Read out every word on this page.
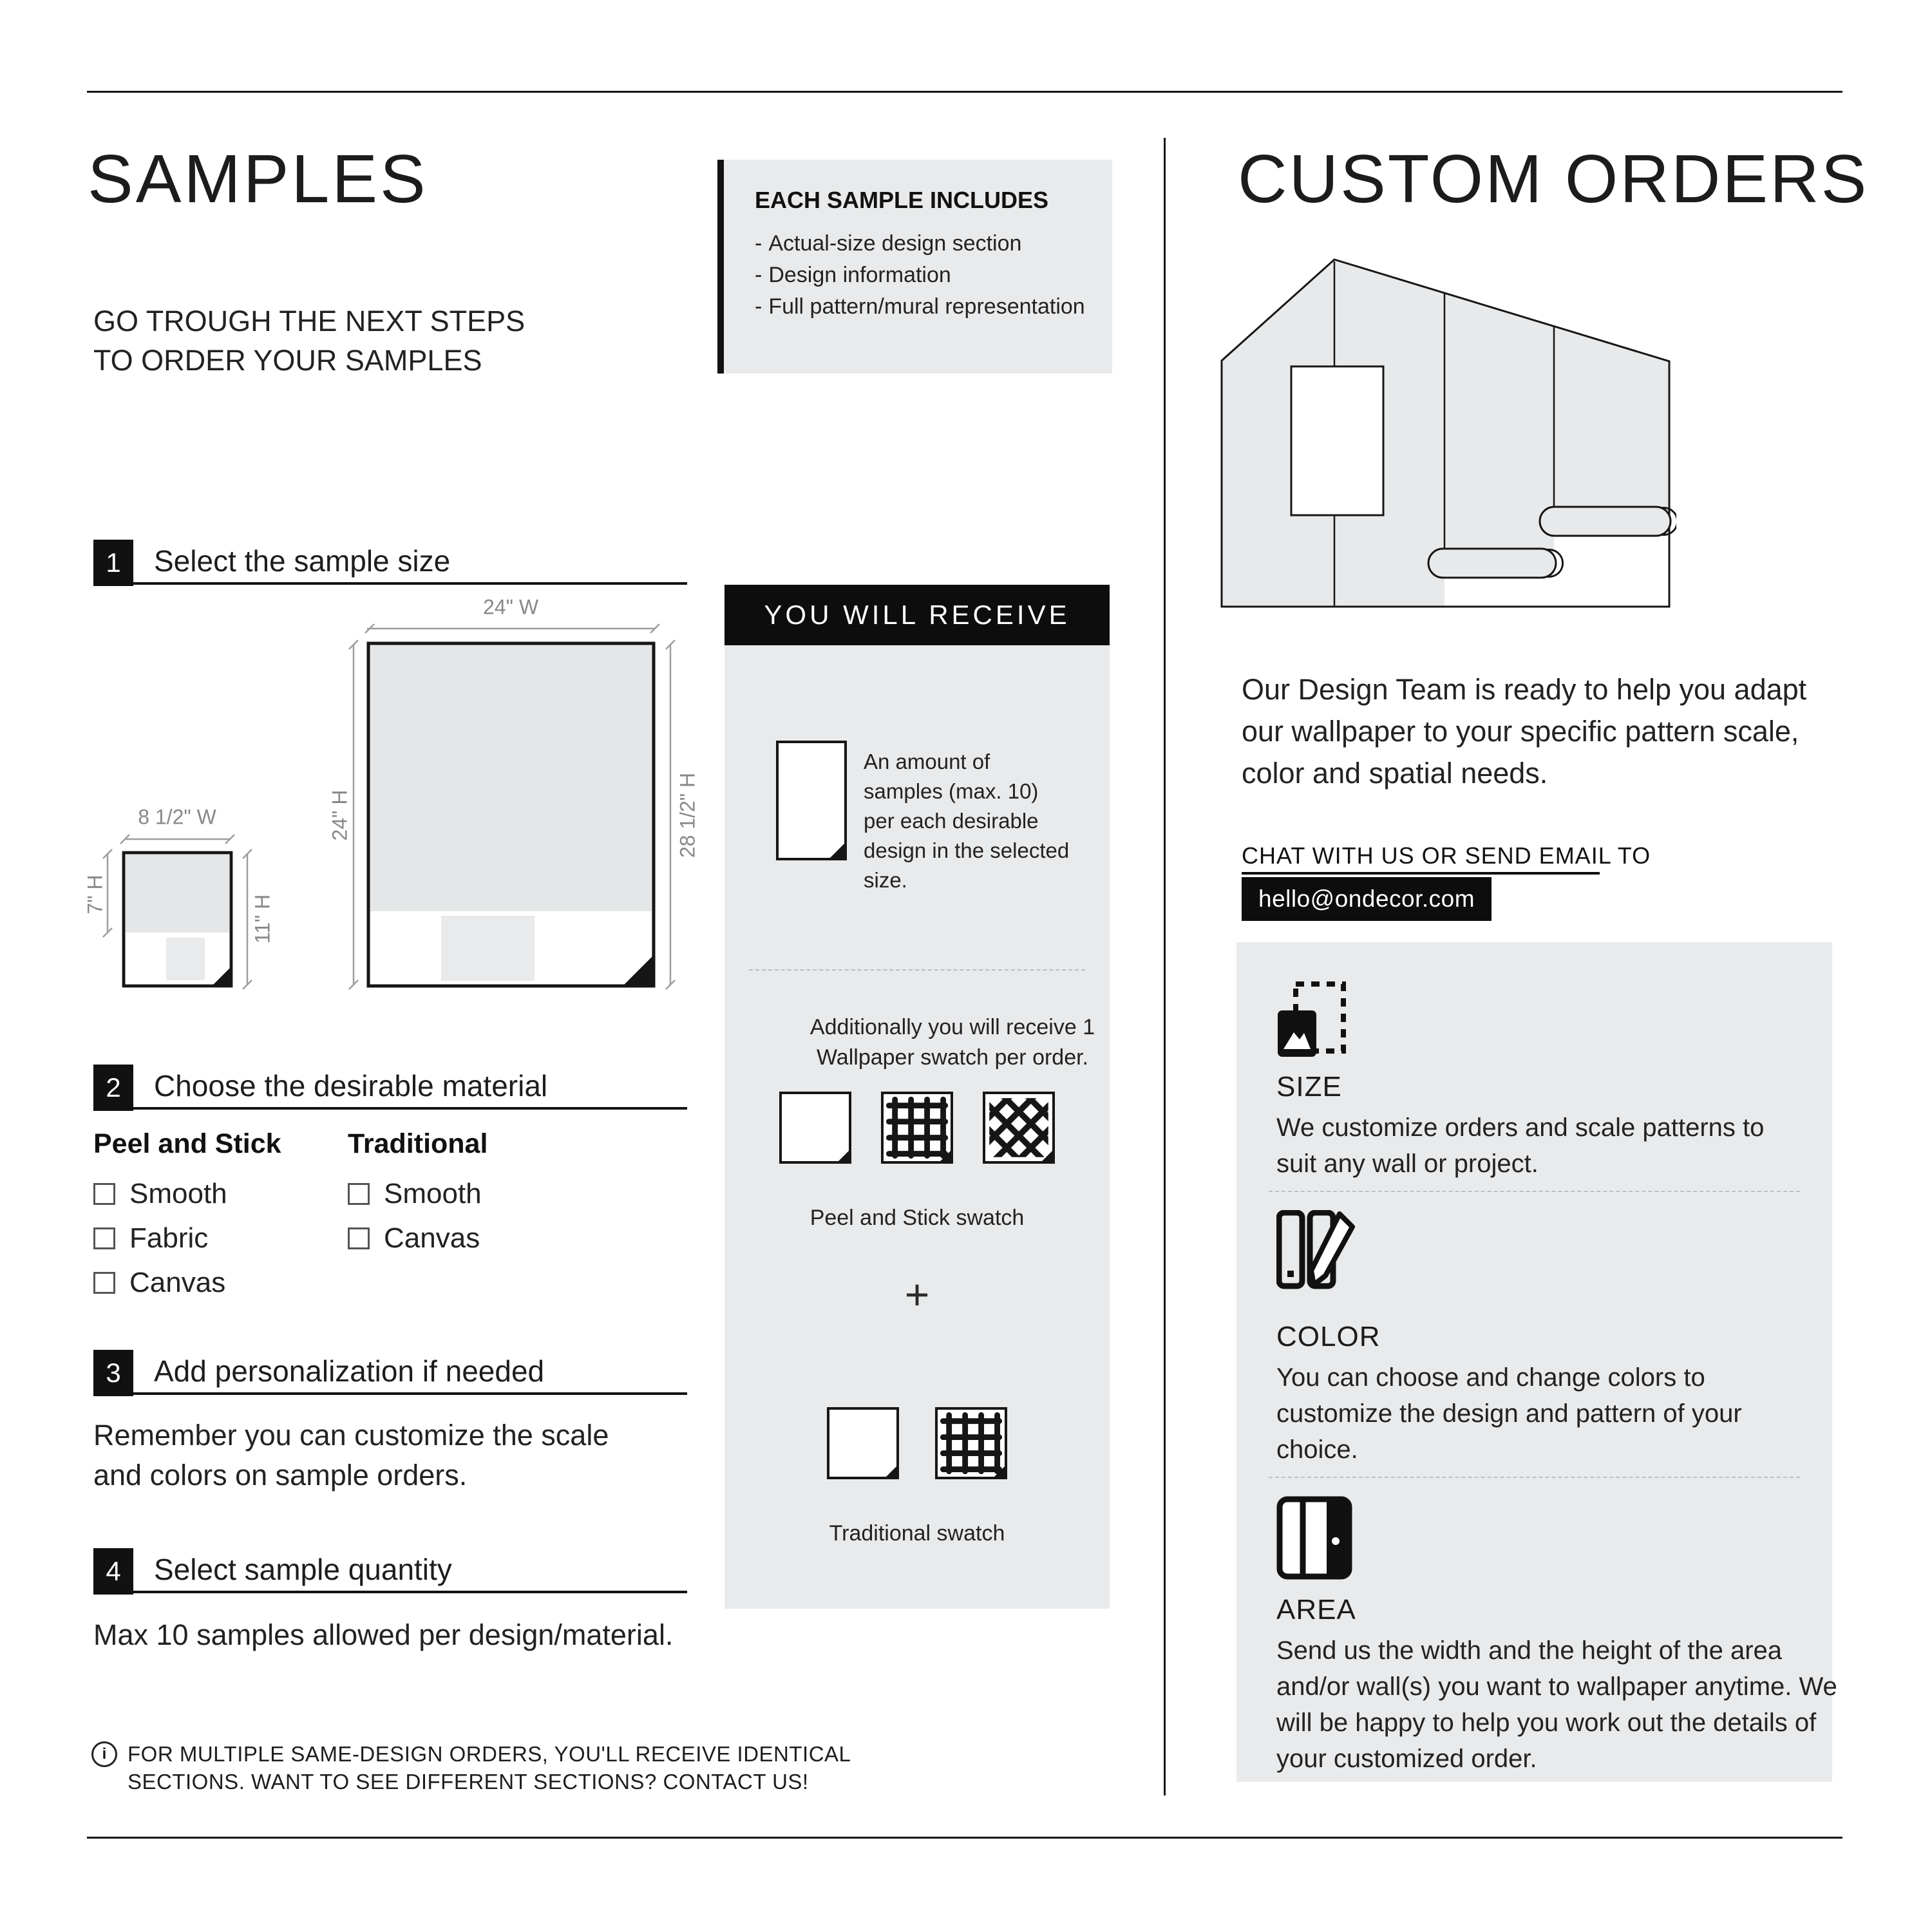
SAMPLES
GO TROUGH THE NEXT STEPS
TO ORDER YOUR SAMPLES
EACH SAMPLE INCLUDES
- Actual-size design section
- Design information
- Full pattern/mural representation
1	Select the sample size
24" W
24" H	28 1/2" H
8 1/2" W
7" H	11" H
2	Choose the desirable material
Peel and Stick
Smooth
Fabric
Canvas
Traditional
Smooth
Canvas
3	Add personalization if needed
Remember you can customize the scale and colors on sample orders.
4	Select sample quantity
Max 10 samples allowed per design/material.
i FOR MULTIPLE SAME-DESIGN ORDERS, YOU'LL RECEIVE IDENTICAL SECTIONS. WANT TO SEE DIFFERENT SECTIONS? CONTACT US!
YOU WILL RECEIVE
An amount of samples (max. 10) per each desirable design in the selected size.
Additionally you will receive 1 Wallpaper swatch per order.
Peel and Stick swatch
+
Traditional swatch
CUSTOM ORDERS
Our Design Team is ready to help you adapt our wallpaper to your specific pattern scale, color and spatial needs.
CHAT WITH US OR SEND EMAIL TO
hello@ondecor.com
SIZE
We customize orders and scale patterns to suit any wall or project.
COLOR
You can choose and change colors to customize the design and pattern of your choice.
AREA
Send us the width and the height of the area and/or wall(s) you want to wallpaper anytime. We will be happy to help you work out the details of your customized order.
